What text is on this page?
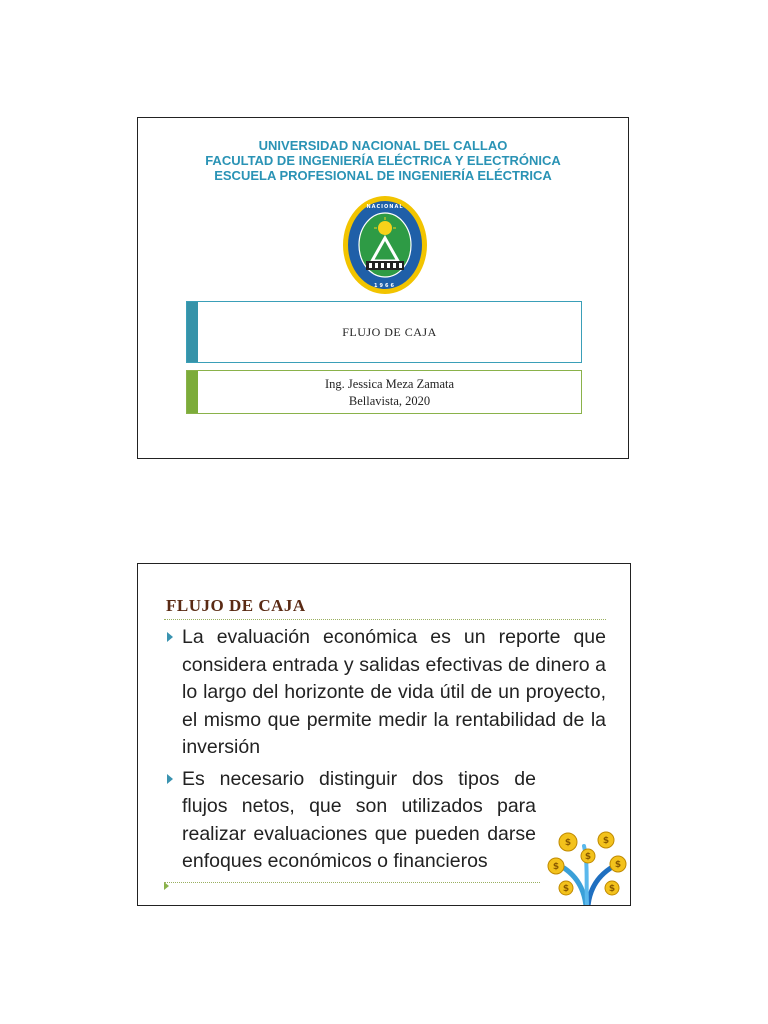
UNIVERSIDAD NACIONAL DEL CALLAO
FACULTAD DE INGENIERÍA ELÉCTRICA Y ELECTRÓNICA
ESCUELA PROFESIONAL DE INGENIERÍA ELÉCTRICA
NACIONAL
1966
FLUJO DE CAJA
Ing. Jessica Meza Zamata
Bellavista, 2020
FLUJO DE CAJA
La evaluación económica es un reporte que considera entrada y salidas efectivas de dinero a lo largo del horizonte de vida útil de un proyecto, el mismo que permite medir la rentabilidad de la inversión
Es necesario distinguir dos tipos de flujos netos, que son utilizados para realizar evaluaciones que pueden darse enfoques económicos o financieros
$	$
$	$
$
$	$
